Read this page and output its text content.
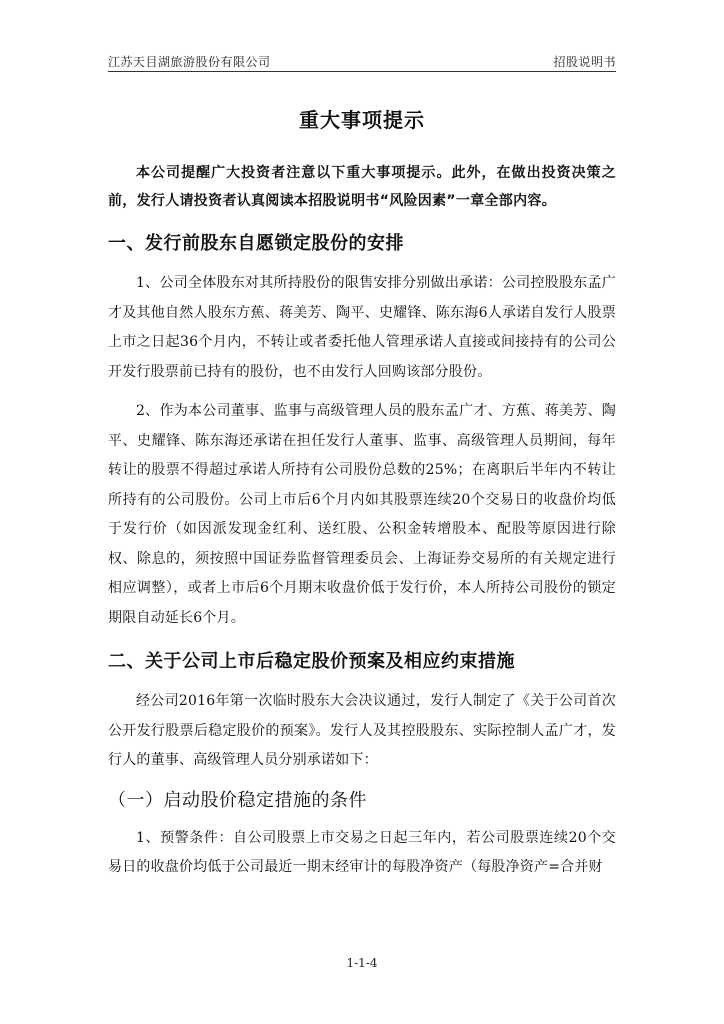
江苏天目湖旅游股份有限公司	招股说明书
重大事项提示

本公司提醒广大投资者注意以下重大事项提示。此外，在做出投资决策之前，发行人请投资者认真阅读本招股说明书“风险因素”一章全部内容。

一、发行前股东自愿锁定股份的安排

1、公司全体股东对其所持股份的限售安排分别做出承诺：公司控股股东孟广才及其他自然人股东方蕉、蒋美芳、陶平、史耀锋、陈东海6人承诺自发行人股票上市之日起36个月内，不转让或者委托他人管理承诺人直接或间接持有的公司公开发行股票前已持有的股份，也不由发行人回购该部分股份。

2、作为本公司董事、监事与高级管理人员的股东孟广才、方蕉、蒋美芳、陶平、史耀锋、陈东海还承诺在担任发行人董事、监事、高级管理人员期间，每年转让的股票不得超过承诺人所持有公司股份总数的25%；在离职后半年内不转让所持有的公司股份。公司上市后6个月内如其股票连续20个交易日的收盘价均低于发行价（如因派发现金红利、送红股、公积金转增股本、配股等原因进行除权、除息的，须按照中国证券监督管理委员会、上海证券交易所的有关规定进行相应调整），或者上市后6个月期末收盘价低于发行价，本人所持公司股份的锁定期限自动延长6个月。

二、关于公司上市后稳定股价预案及相应约束措施

经公司2016年第一次临时股东大会决议通过，发行人制定了《关于公司首次公开发行股票后稳定股价的预案》。发行人及其控股股东、实际控制人孟广才，发行人的董事、高级管理人员分别承诺如下：

（一）启动股价稳定措施的条件

1、预警条件：自公司股票上市交易之日起三年内，若公司股票连续20个交易日的收盘价均低于公司最近一期末经审计的每股净资产（每股净资产=合并财

1-1-4
